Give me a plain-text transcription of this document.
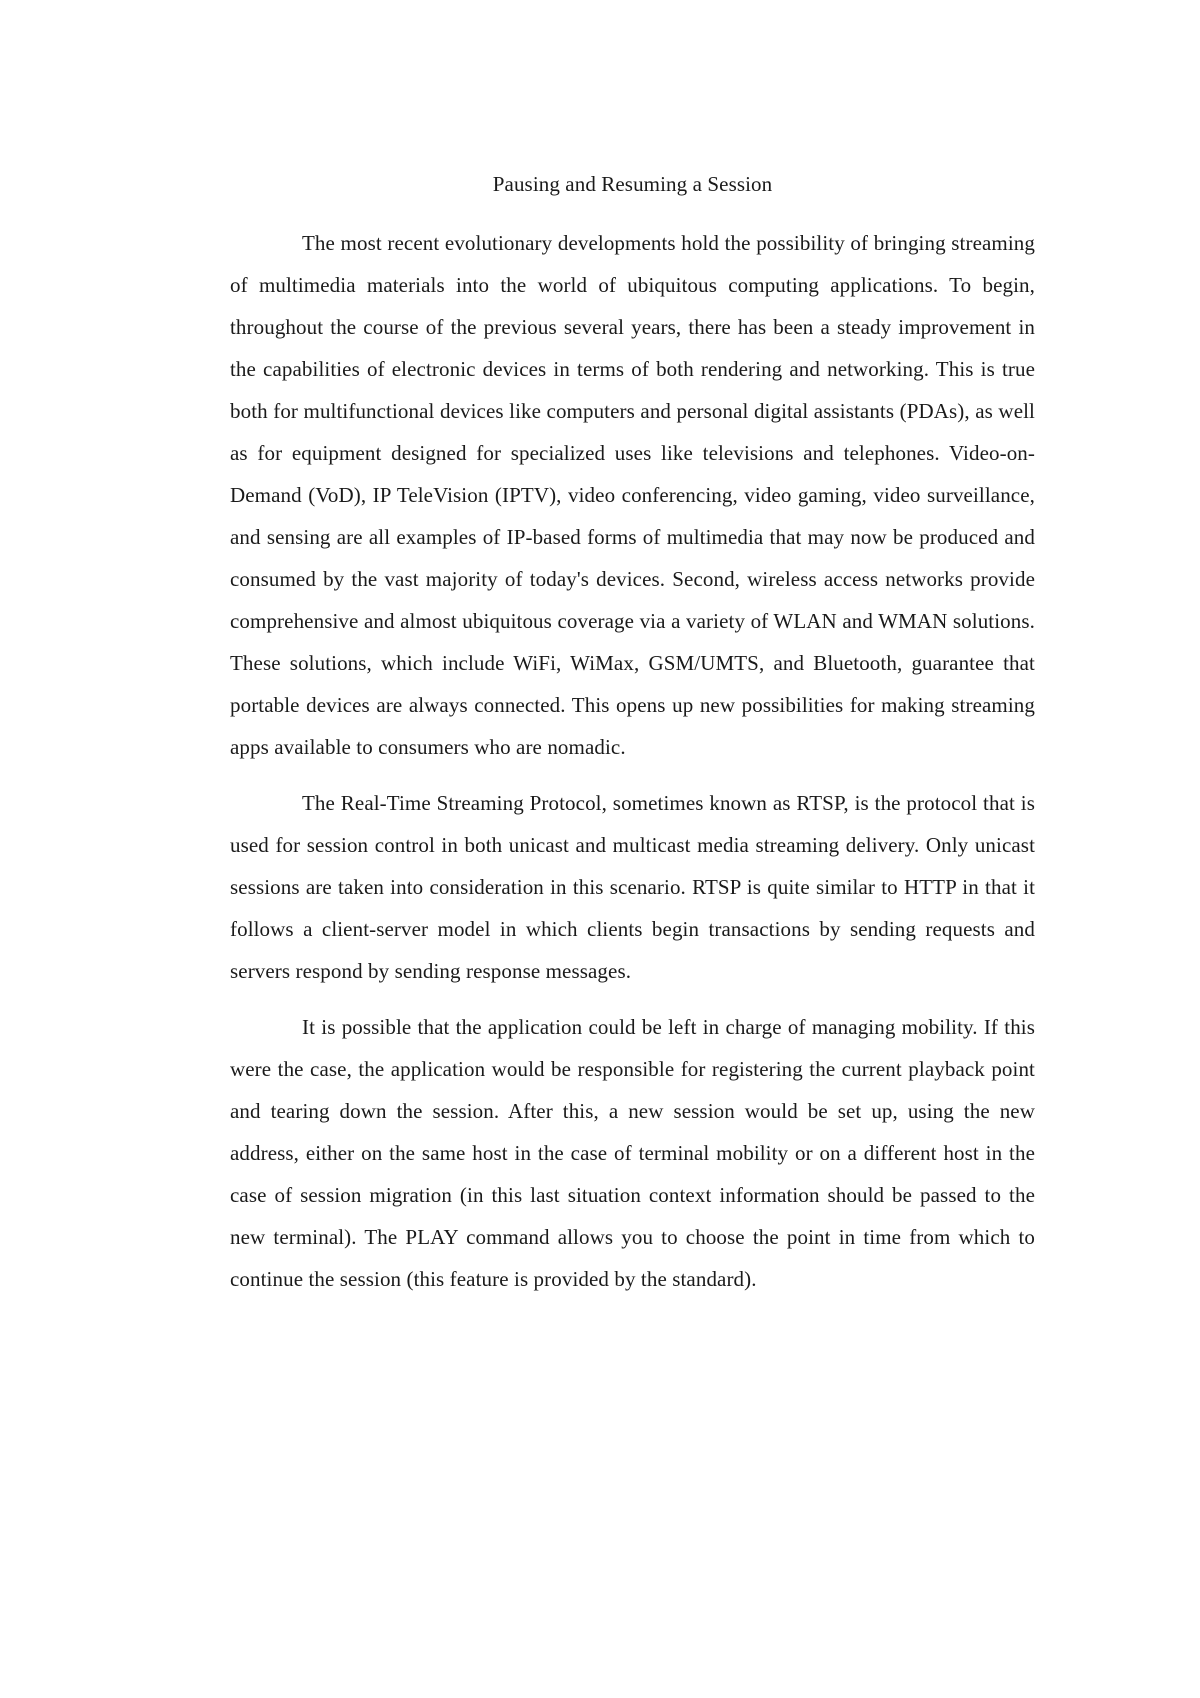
Pausing and Resuming a Session

The most recent evolutionary developments hold the possibility of bringing streaming of multimedia materials into the world of ubiquitous computing applications. To begin, throughout the course of the previous several years, there has been a steady improvement in the capabilities of electronic devices in terms of both rendering and networking. This is true both for multifunctional devices like computers and personal digital assistants (PDAs), as well as for equipment designed for specialized uses like televisions and telephones. Video-on-Demand (VoD), IP TeleVision (IPTV), video conferencing, video gaming, video surveillance, and sensing are all examples of IP-based forms of multimedia that may now be produced and consumed by the vast majority of today's devices. Second, wireless access networks provide comprehensive and almost ubiquitous coverage via a variety of WLAN and WMAN solutions. These solutions, which include WiFi, WiMax, GSM/UMTS, and Bluetooth, guarantee that portable devices are always connected. This opens up new possibilities for making streaming apps available to consumers who are nomadic.

The Real-Time Streaming Protocol, sometimes known as RTSP, is the protocol that is used for session control in both unicast and multicast media streaming delivery. Only unicast sessions are taken into consideration in this scenario. RTSP is quite similar to HTTP in that it follows a client-server model in which clients begin transactions by sending requests and servers respond by sending response messages.

It is possible that the application could be left in charge of managing mobility. If this were the case, the application would be responsible for registering the current playback point and tearing down the session. After this, a new session would be set up, using the new address, either on the same host in the case of terminal mobility or on a different host in the case of session migration (in this last situation context information should be passed to the new terminal). The PLAY command allows you to choose the point in time from which to continue the session (this feature is provided by the standard).
